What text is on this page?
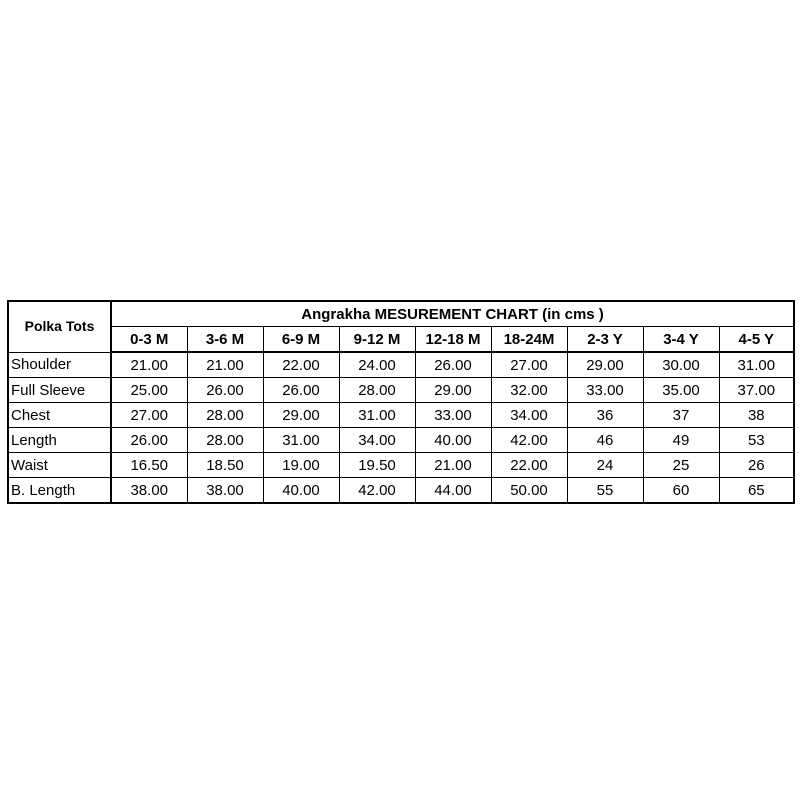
Polka Tots	Angrakha MESUREMENT CHART (in cms )								
	0-3 M	3-6 M	6-9 M	9-12 M	12-18 M	18-24M	2-3 Y	3-4 Y	4-5 Y
Shoulder	21.00	21.00	22.00	24.00	26.00	27.00	29.00	30.00	31.00
Full Sleeve	25.00	26.00	26.00	28.00	29.00	32.00	33.00	35.00	37.00
Chest	27.00	28.00	29.00	31.00	33.00	34.00	36	37	38
Length	26.00	28.00	31.00	34.00	40.00	42.00	46	49	53
Waist	16.50	18.50	19.00	19.50	21.00	22.00	24	25	26
B. Length	38.00	38.00	40.00	42.00	44.00	50.00	55	60	65
